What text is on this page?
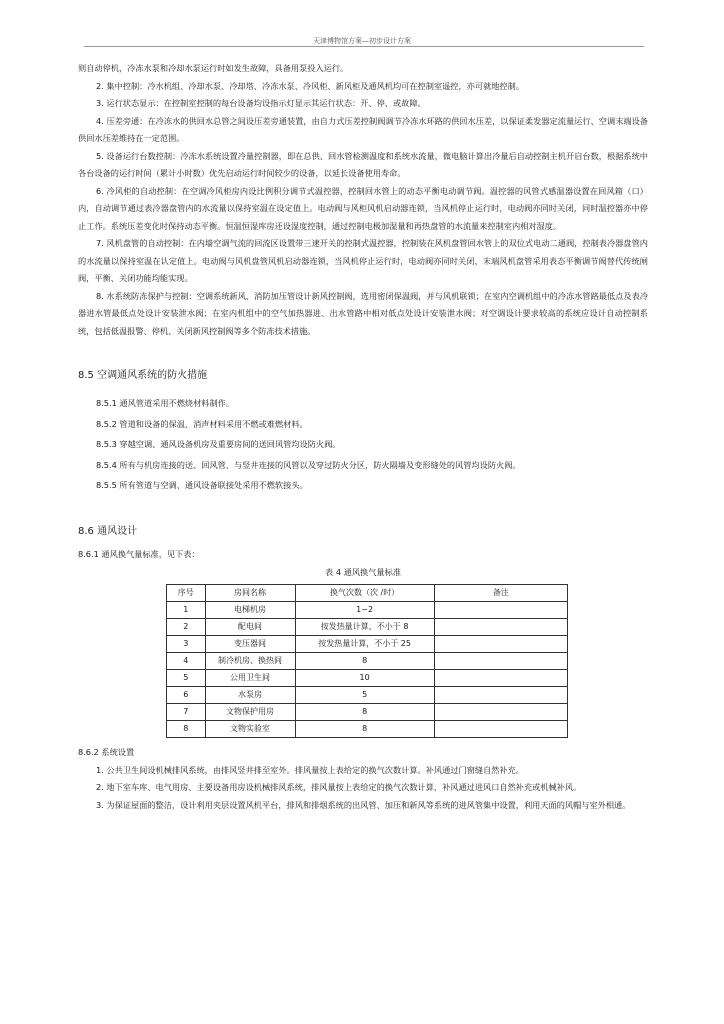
天津博物馆方案—初步设计方案

则自动停机，冷冻水泵和冷却水泵运行时如发生故障，具备用泵投入运行。

2. 集中控制：冷水机组、冷却水泵、冷却塔、冷冻水泵、冷风柜、新风柜及通风机均可在控制室遥控，亦可就地控制。

3. 运行状态显示：在控制室控制的每台设备均设指示灯显示其运行状态：开、停、或故障。

4. 压差旁通：在冷冻水的供回水总管之间设压差旁通装置，由自力式压差控制阀调节冷冻水环路的供回水压差，以保证柔发器定流量运行、空调末端设备供回水压差维持在一定范围。

5. 设备运行台数控制：冷冻水系统设置冷量控制器，即在总供、回水管检测温度和系统水流量，微电脑计算出冷量后自动控制主机开启台数，根据系统中各台设备的运行时间（累计小时数）优先启动运行时间较少的设备，以延长设备使用寿命。

6. 冷风柜的自动控制：在空调冷风柜房内设比例积分调节式温控器，控制回水管上的动态平衡电动调节阀。温控器的风管式感温器设置在回风箱（口）内，自动调节通过表冷器盘管内的水流量以保持室温在设定值上。电动阀与风柜风机启动器连锁，当风机停止运行时，电动阀亦同时关闭，同时温控器亦中停止工作。系统压差变化时保持动态平衡。恒温恒湿库房还设湿度控制，通过控制电极加湿量和再热盘管的水流量来控制室内相对湿度。

7. 风机盘管的自动控制：在内墙空调气流的回流区设置带三速开关的控制式温控器，控制装在风机盘管回水管上的双位式电动二通阀，控制表冷器盘管内的水流量以保持室温在认定值上。电动阀与风机盘管风机启动器连锁，当风机停止运行时，电动阀亦同时关闭，末端风机盘管采用表态平衡调节阀替代传统闸阀，平衡、关闭功能均能实现。

8. 水系统防冻保护与控制：空调系统新风、消防加压管设计新风控制阀，选用密闭保温阀，并与风机联锁；在室内空调机组中的冷冻水管路最低点及表冷器进水管最低点处设计安装泄水阀；在室内机组中的空气加热器进、出水管路中相对低点处设计安装泄水阀；对空调设计要求较高的系统应设计自动控制系统，包括低温报警、停机、关闭新风控制阀等多个防冻技术措施。

8.5 空调通风系统的防火措施

8.5.1 通风管道采用不燃烧材料制作。

8.5.2 管道和设备的保温、消声材料采用不燃或难燃材料。

8.5.3 穿越空调、通风设备机房及重要房间的送回风管均设防火阀。

8.5.4 所有与机房连接的送、回风管、与竖井连接的风管以及穿过防火分区，防火隔墙及变形缝处的风管均设防火阀。

8.5.5 所有管道与空调、通风设备联接处采用不燃软接头。

8.6 通风设计

8.6.1 通风换气量标准，见下表：

表 4 通风换气量标准

序号	房间名称	换气次数（次 /时）	备注
1	电梯机房	1~2	
2	配电间	按发热量计算，不小于 8	
3	变压器间	按发热量计算，不小于 25	
4	制冷机房、换热间	8	
5	公用卫生间	10	
6	水泵房	5	
7	文物保护用房	8	
8	文物实验室	8	

8.6.2 系统设置

1. 公共卫生间设机械排风系统，由排风竖井排至室外。排风量按上表给定的换气次数计算。补风通过门窗缝自然补充。

2. 地下室车库、电气用房、主要设备用房设机械排风系统，排风量按上表给定的换气次数计算，补风通过进风口自然补充或机械补风。

3. 为保证屋面的整洁，设计利用夹层设置风机平台，排风和排烟系统的出风管、加压和新风等系统的进风管集中设置，利用天面的风帽与室外相通。
